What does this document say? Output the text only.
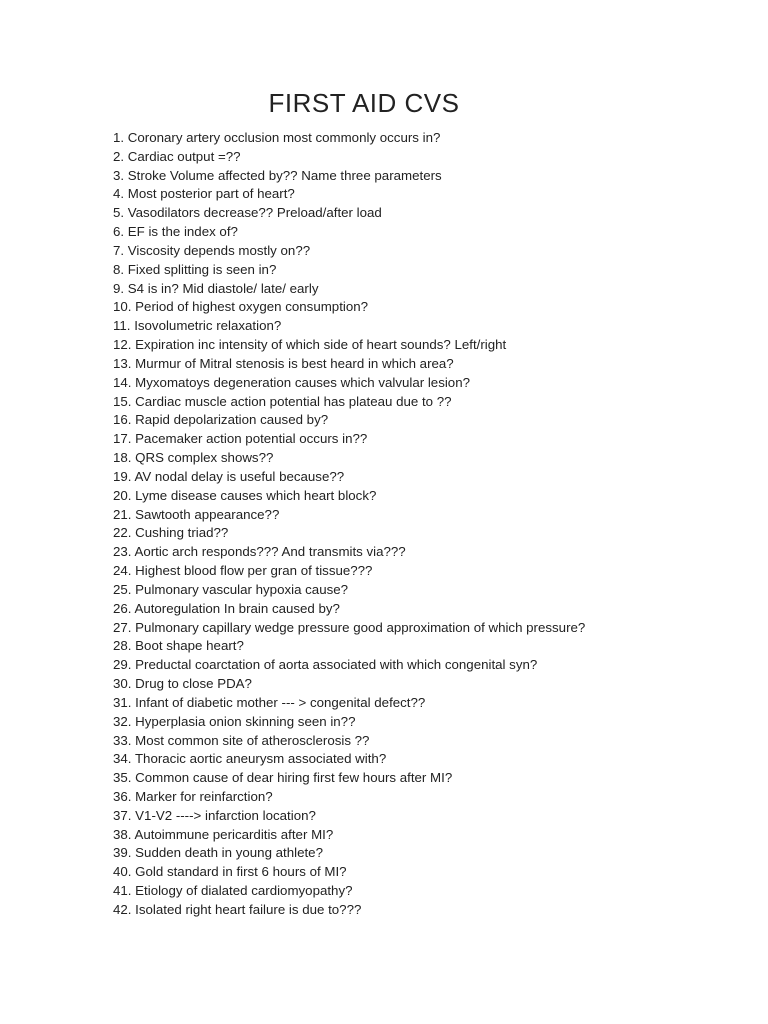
FIRST AID CVS
1. Coronary artery occlusion most commonly occurs in?
2. Cardiac output =??
3. Stroke Volume affected by?? Name three parameters
4. Most posterior part of heart?
5. Vasodilators decrease?? Preload/after load
6. EF is the index of?
7. Viscosity depends mostly on??
8. Fixed splitting is seen in?
9. S4 is in? Mid diastole/ late/ early
10. Period of highest oxygen consumption?
11. Isovolumetric relaxation?
12. Expiration inc intensity of which side of heart sounds? Left/right
13. Murmur of Mitral stenosis is best heard in which area?
14. Myxomatoys degeneration causes which valvular lesion?
15. Cardiac muscle action potential has plateau due to ??
16. Rapid depolarization caused by?
17. Pacemaker action potential occurs in??
18. QRS complex shows??
19. AV nodal delay is useful because??
20. Lyme disease causes which heart block?
21. Sawtooth appearance??
22. Cushing triad??
23. Aortic arch responds??? And transmits via???
24. Highest blood flow per gran of tissue???
25. Pulmonary vascular hypoxia cause?
26. Autoregulation In brain caused by?
27. Pulmonary capillary wedge pressure good approximation of which pressure?
28. Boot shape heart?
29. Preductal coarctation of aorta associated with which congenital syn?
30. Drug to close PDA?
31. Infant of diabetic mother --- > congenital defect??
32. Hyperplasia onion skinning seen in??
33. Most common site of atherosclerosis ??
34. Thoracic aortic aneurysm associated with?
35. Common cause of dear hiring first few hours after MI?
36. Marker for reinfarction?
37. V1-V2 ----> infarction location?
38. Autoimmune pericarditis after MI?
39. Sudden death in young athlete?
40. Gold standard in first 6 hours of MI?
41. Etiology of dialated cardiomyopathy?
42. Isolated right heart failure is due to???
